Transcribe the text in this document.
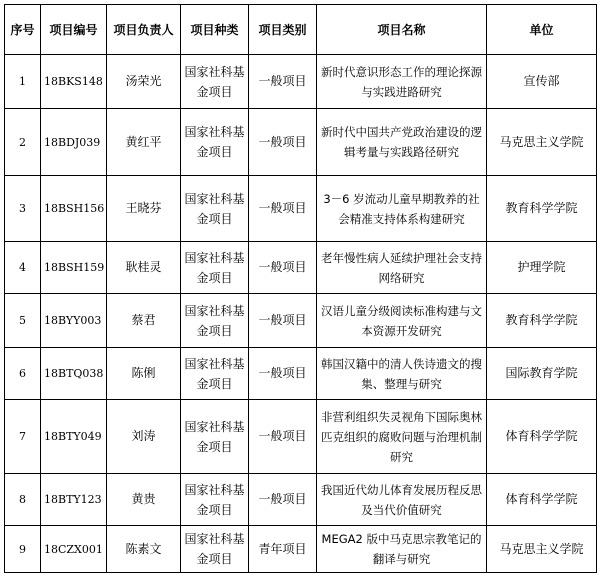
序号	项目编号	项目负责人	项目种类	项目类别	项目名称	单位
1	18BKS148	汤荣光	国家社科基金项目	一般项目	新时代意识形态工作的理论探源与实践进路研究	宣传部
2	18BDJ039	黄红平	国家社科基金项目	一般项目	新时代中国共产党政治建设的逻辑考量与实践路径研究	马克思主义学院
3	18BSH156	王晓芬	国家社科基金项目	一般项目	3－6 岁流动儿童早期教养的社会精准支持体系构建研究	教育科学学院
4	18BSH159	耿桂灵	国家社科基金项目	一般项目	老年慢性病人延续护理社会支持网络研究	护理学院
5	18BYY003	蔡君	国家社科基金项目	一般项目	汉语儿童分级阅读标准构建与文本资源开发研究	教育科学学院
6	18BTQ038	陈俐	国家社科基金项目	一般项目	韩国汉籍中的清人佚诗遗文的搜集、整理与研究	国际教育学院
7	18BTY049	刘涛	国家社科基金项目	一般项目	非营利组织失灵视角下国际奥林匹克组织的腐败问题与治理机制研究	体育科学学院
8	18BTY123	黄贵	国家社科基金项目	一般项目	我国近代幼儿体育发展历程反思及当代价值研究	体育科学学院
9	18CZX001	陈素文	国家社科基金项目	青年项目	MEGA2 版中马克思宗教笔记的翻译与研究	马克思主义学院
